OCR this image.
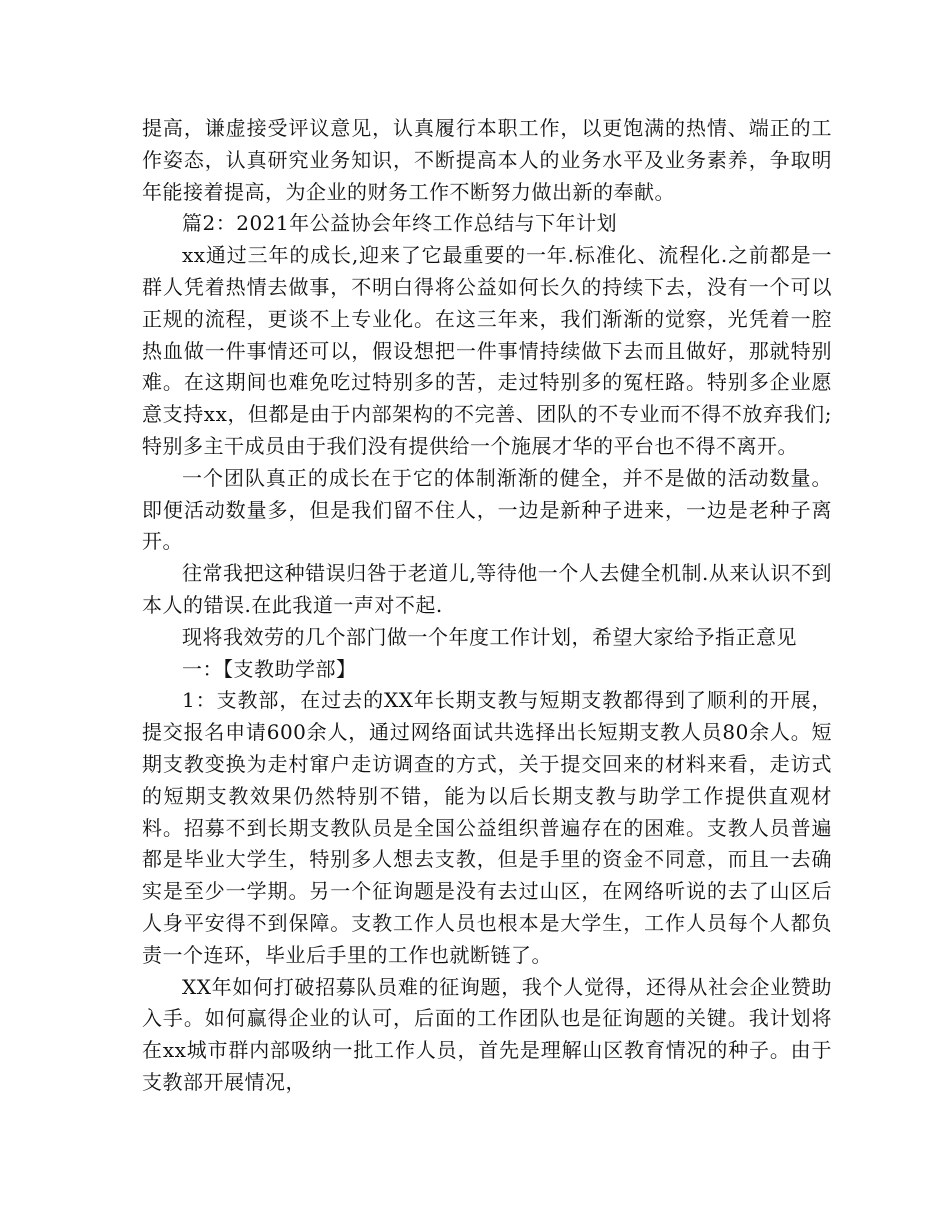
提高，谦虚接受评议意见，认真履行本职工作，以更饱满的热情、端正的工作姿态，认真研究业务知识，不断提高本人的业务水平及业务素养，争取明年能接着提高，为企业的财务工作不断努力做出新的奉献。

篇2：2021年公益协会年终工作总结与下年计划

xx通过三年的成长,迎来了它最重要的一年.标准化、流程化.之前都是一群人凭着热情去做事，不明白得将公益如何长久的持续下去，没有一个可以正规的流程，更谈不上专业化。在这三年来，我们渐渐的觉察，光凭着一腔热血做一件事情还可以，假设想把一件事情持续做下去而且做好，那就特别难。在这期间也难免吃过特别多的苦，走过特别多的冤枉路。特别多企业愿意支持xx，但都是由于内部架构的不完善、团队的不专业而不得不放弃我们;特别多主干成员由于我们没有提供给一个施展才华的平台也不得不离开。

一个团队真正的成长在于它的体制渐渐的健全，并不是做的活动数量。即便活动数量多，但是我们留不住人，一边是新种子进来，一边是老种子离开。

往常我把这种错误归咎于老道儿,等待他一个人去健全机制.从来认识不到本人的错误.在此我道一声对不起.

现将我效劳的几个部门做一个年度工作计划，希望大家给予指正意见

一：【支教助学部】

1：支教部，在过去的XX年长期支教与短期支教都得到了顺利的开展，提交报名申请600余人，通过网络面试共选择出长短期支教人员80余人。短期支教变换为走村窜户走访调查的方式，关于提交回来的材料来看，走访式的短期支教效果仍然特别不错，能为以后长期支教与助学工作提供直观材料。招募不到长期支教队员是全国公益组织普遍存在的困难。支教人员普遍都是毕业大学生，特别多人想去支教，但是手里的资金不同意，而且一去确实是至少一学期。另一个征询题是没有去过山区，在网络听说的去了山区后人身平安得不到保障。支教工作人员也根本是大学生，工作人员每个人都负责一个连环，毕业后手里的工作也就断链了。

XX年如何打破招募队员难的征询题，我个人觉得，还得从社会企业赞助入手。如何赢得企业的认可，后面的工作团队也是征询题的关键。我计划将在xx城市群内部吸纳一批工作人员，首先是理解山区教育情况的种子。由于支教部开展情况，
